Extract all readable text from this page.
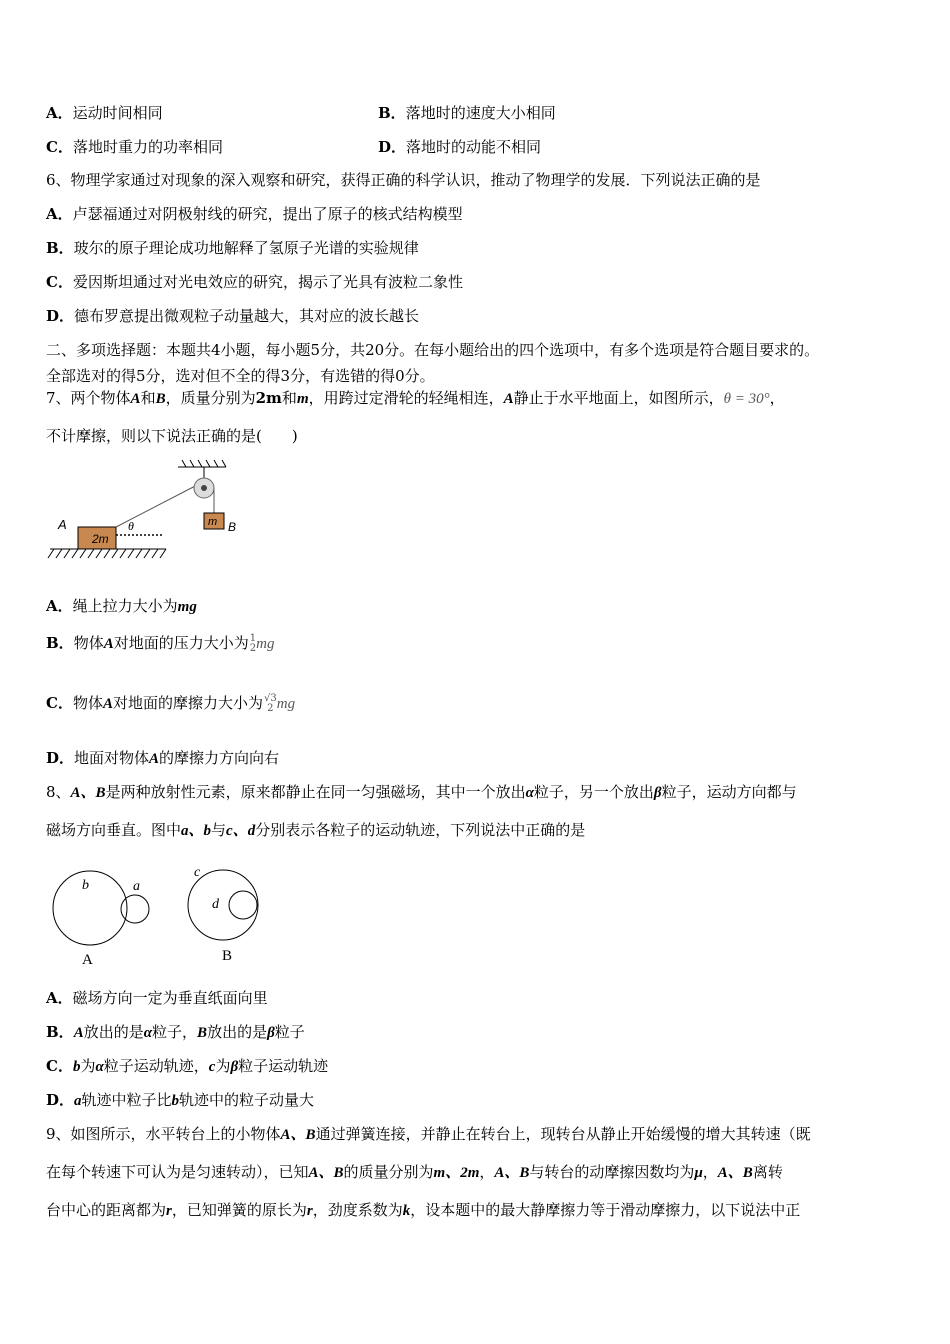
A．运动时间相同	B．落地时的速度大小相同
C．落地时重力的功率相同	D．落地时的动能不相同
6、物理学家通过对现象的深入观察和研究，获得正确的科学认识，推动了物理学的发展．下列说法正确的是
A．卢瑟福通过对阴极射线的研究，提出了原子的核式结构模型
B．玻尔的原子理论成功地解释了氢原子光谱的实验规律
C．爱因斯坦通过对光电效应的研究，揭示了光具有波粒二象性
D．德布罗意提出微观粒子动量越大，其对应的波长越长
二、多项选择题：本题共4小题，每小题5分，共20分。在每小题给出的四个选项中，有多个选项是符合题目要求的。
全部选对的得5分，选对但不全的得3分，有选错的得0分。
7、两个物体A和B，质量分别为2m和m，用跨过定滑轮的轻绳相连，A静止于水平地面上，如图所示，θ = 30°，
不计摩擦，则以下说法正确的是(　　)
2m
A	θ	m B
A．绳上拉力大小为mg
B．物体A对地面的压力大小为 1
2 mg
C．物体A对地面的摩擦力大小为 √3
2 mg
D．地面对物体A的摩擦力方向向右
8、A、B是两种放射性元素，原来都静止在同一匀强磁场，其中一个放出α粒子，另一个放出β粒子，运动方向都与
磁场方向垂直。图中a、b与c、d分别表示各粒子的运动轨迹，下列说法中正确的是
b	a
A
c
d
B
A．磁场方向一定为垂直纸面向里
B．A放出的是α粒子，B放出的是β粒子
C．b为α粒子运动轨迹，c为β粒子运动轨迹
D．a轨迹中粒子比b轨迹中的粒子动量大
9、如图所示，水平转台上的小物体A、B通过弹簧连接，并静止在转台上，现转台从静止开始缓慢的增大其转速（既
在每个转速下可认为是匀速转动），已知A、B的质量分别为m、2m，A、B与转台的动摩擦因数均为μ，A、B离转
台中心的距离都为r，已知弹簧的原长为r，劲度系数为k，设本题中的最大静摩擦力等于滑动摩擦力，以下说法中正
